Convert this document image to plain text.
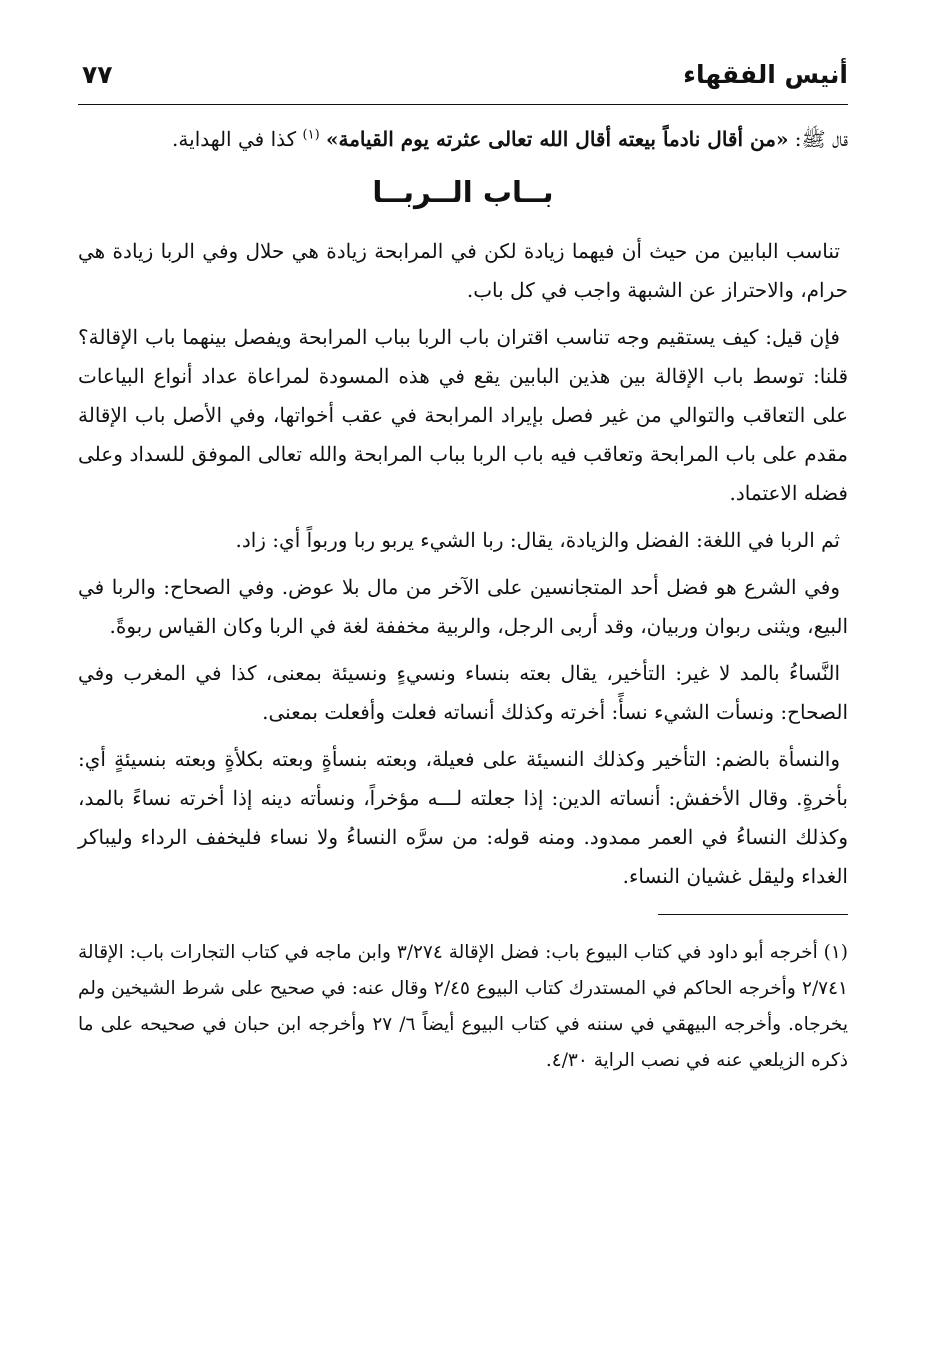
أنيس الفقهاء
٧٧

قال ﷺ: «من أقال نادماً بيعته أقال الله تعالى عثرته يوم القيامة» $^{(١)}$ كذا في الهداية.

بــاب الــربــا

تناسب البابين من حيث أن فيهما زيادة لكن في المرابحة زيادة هي حلال وفي الربا زيادة هي حرام، والاحتراز عن الشبهة واجب في كل باب.

فإن قيل: كيف يستقيم وجه تناسب اقتران باب الربا بباب المرابحة ويفصل بينهما باب الإقالة؟ قلنا: توسط باب الإقالة بين هذين البابين يقع في هذه المسودة لمراعاة عداد أنواع البياعات على التعاقب والتوالي من غير فصل بإيراد المرابحة في عقب أخواتها، وفي الأصل باب الإقالة مقدم على باب المرابحة وتعاقب فيه باب الربا بباب المرابحة والله تعالى الموفق للسداد وعلى فضله الاعتماد.

ثم الربا في اللغة: الفضل والزيادة، يقال: ربا الشيء يربو ربا وربواً أي: زاد.

وفي الشرع هو فضل أحد المتجانسين على الآخر من مال بلا عوض. وفي الصحاح: والربا في البيع، ويثنى ربوان وربيان، وقد أربى الرجل، والربية مخففة لغة في الربا وكان القياس ربوةً.

النَّساءُ بالمد لا غير: التأخير، يقال بعته بنساء ونسيءٍ ونسيئة بمعنى، كذا في المغرب وفي الصحاح: ونسأت الشيء نسأً: أخرته وكذلك أنساته فعلت وأفعلت بمعنى.

والنسأة بالضم: التأخير وكذلك النسيئة على فعيلة، وبعته بنسأةٍ وبعته بكلأةٍ وبعته بنسيئةٍ أي: بأخرةٍ. وقال الأخفش: أنساته الدين: إذا جعلته لـــه مؤخراً، ونسأته دينه إذا أخرته نساءً بالمد، وكذلك النساءُ في العمر ممدود. ومنه قوله: من سرَّه النساءُ ولا نساء فليخفف الرداء وليباكر الغداء وليقل غشيان النساء.

(١) أخرجه أبو داود في كتاب البيوع باب: فضل الإقالة ٣/٢٧٤ وابن ماجه في كتاب التجارات باب: الإقالة ٢/٧٤١ وأخرجه الحاكم في المستدرك كتاب البيوع ٢/٤٥ وقال عنه: في صحيح على شرط الشيخين ولم يخرجاه. وأخرجه البيهقي في سننه في كتاب البيوع أيضاً ٦/ ٢٧ وأخرجه ابن حبان في صحيحه على ما ذكره الزيلعي عنه في نصب الراية ٤/٣٠.
